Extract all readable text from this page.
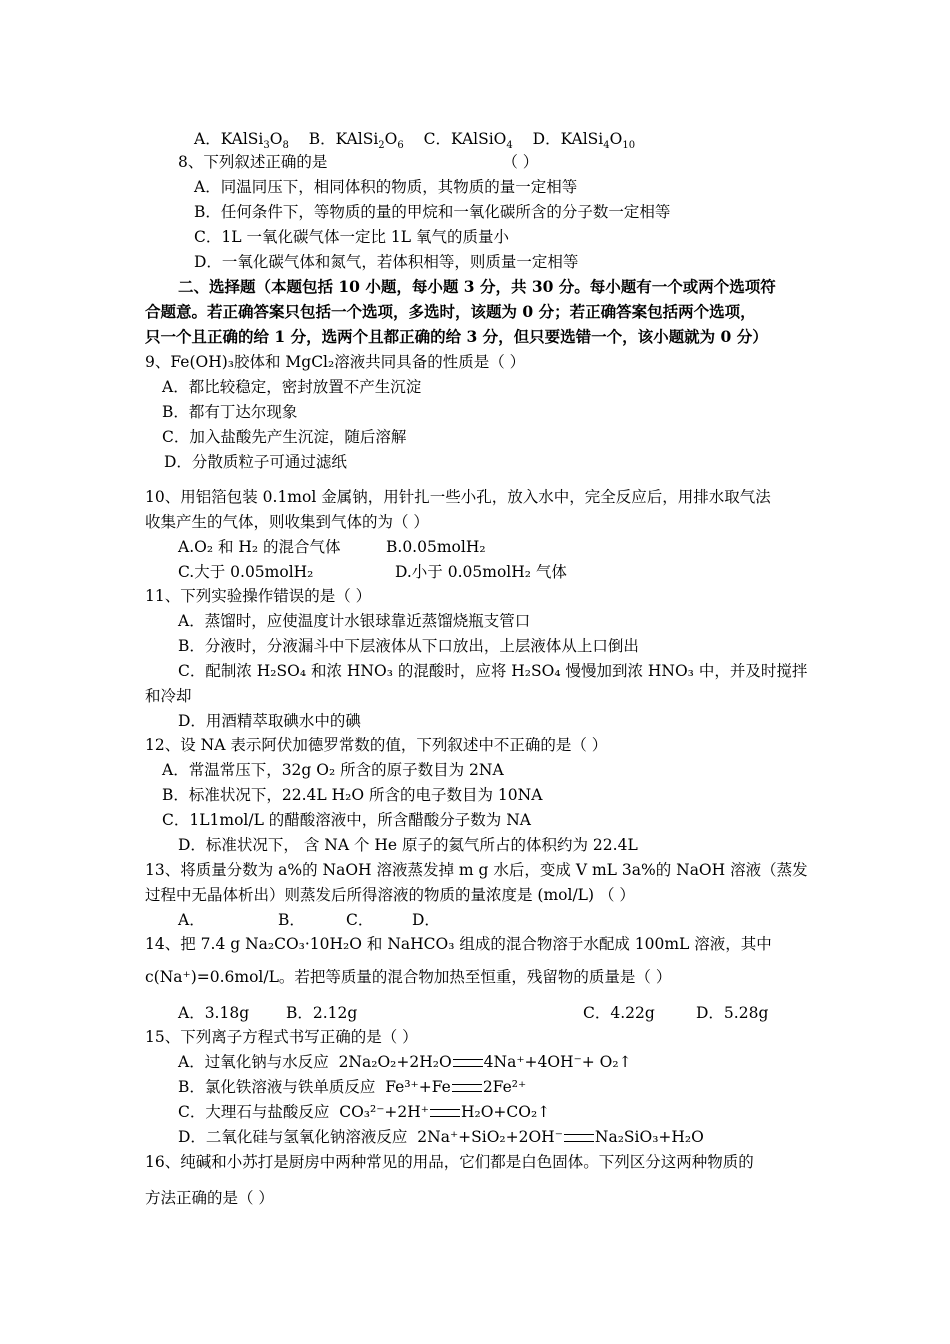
A．$KAlSi_3O_8$ B．$KAlSi_2O_6$ C．KAlSiO$_4$ D．$KAlSi_4O_{10}$
8、下列叙述正确的是	（ ）
A．同温同压下，相同体积的物质，其物质的量一定相等
B．任何条件下，等物质的量的甲烷和一氧化碳所含的分子数一定相等
C．1L 一氧化碳气体一定比 1L 氧气的质量小
D．一氧化碳气体和氮气，若体积相等，则质量一定相等
二、选择题（本题包括 10 小题，每小题 3 分，共 30 分。每小题有一个或两个选项符
合题意。若正确答案只包括一个选项，多选时，该题为 0 分；若正确答案包括两个选项，
只一个且正确的给 1 分，选两个且都正确的给 3 分，但只要选错一个，该小题就为 0 分）
9、Fe(OH)₃胶体和 MgCl₂溶液共同具备的性质是（ ）
A．都比较稳定，密封放置不产生沉淀
B．都有丁达尔现象
C．加入盐酸先产生沉淀，随后溶解
D．分散质粒子可通过滤纸
10、用铝箔包装 0.1mol 金属钠，用针扎一些小孔，放入水中，完全反应后，用排水取气法
收集产生的气体，则收集到气体的为（ ）
A.O₂ 和 H₂ 的混合气体	B.0.05molH₂
C.大于 0.05molH₂	D.小于 0.05molH₂ 气体
11、下列实验操作错误的是（ ）
A．蒸馏时，应使温度计水银球靠近蒸馏烧瓶支管口
B．分液时，分液漏斗中下层液体从下口放出，上层液体从上口倒出
C．配制浓 H₂SO₄ 和浓 HNO₃ 的混酸时，应将 H₂SO₄ 慢慢加到浓 HNO₃ 中，并及时搅拌
和冷却
D．用酒精萃取碘水中的碘
12、设 NA 表示阿伏加德罗常数的值，下列叙述中不正确的是（ ）
A．常温常压下，32g O₂ 所含的原子数目为 2NA
B．标准状况下，22.4L H₂O 所含的电子数目为 10NA
C．1L1mol/L 的醋酸溶液中，所含醋酸分子数为 NA
D．标准状况下， 含 NA 个 He 原子的氦气所占的体积约为 22.4L
13、将质量分数为 a%的 NaOH 溶液蒸发掉 m g 水后，变成 V mL 3a%的 NaOH 溶液（蒸发
过程中无晶体析出）则蒸发后所得溶液的物质的量浓度是 (mol/L) （ ）
A．	B．	C． D．
14、把 7.4 g Na₂CO₃·10H₂O 和 NaHCO₃ 组成的混合物溶于水配成 100mL 溶液，其中
c(Na⁺)=0.6mol/L。若把等质量的混合物加热至恒重，残留物的质量是（ ）
A．3.18g B．2.12g	C．4.22g	D．5.28g
15、下列离子方程式书写正确的是（ ）
A．过氧化钠与水反应 2Na₂O₂+2H₂O 4Na⁺+4OH⁻+ O₂↑
B．氯化铁溶液与铁单质反应 Fe³⁺+Fe 2Fe²⁺
C．大理石与盐酸反应 CO₃²⁻+2H⁺ H₂O+CO₂↑
D．二氧化硅与氢氧化钠溶液反应 2Na⁺+SiO₂+2OH⁻ Na₂SiO₃+H₂O
16、纯碱和小苏打是厨房中两种常见的用品，它们都是白色固体。下列区分这两种物质的
方法正确的是（ ）
